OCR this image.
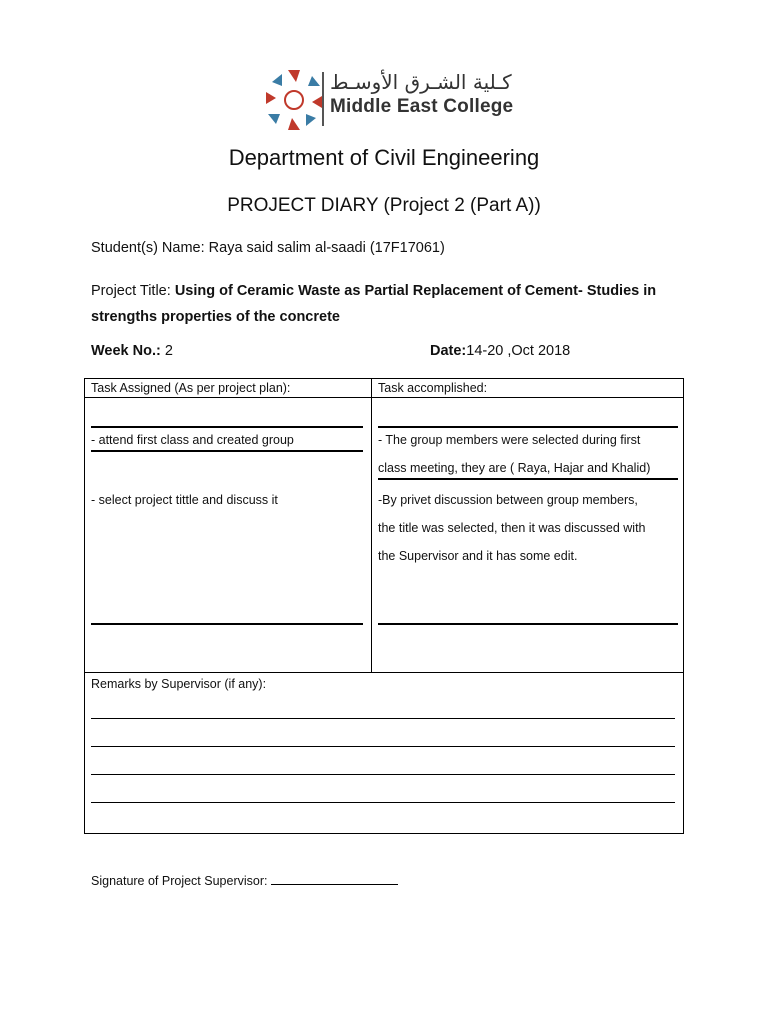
كـلية الشـرق الأوسـط
Middle East College
Department of Civil Engineering
PROJECT DIARY (Project 2 (Part A))
Student(s) Name: Raya said salim al-saadi (17F17061)
Project Title: Using of Ceramic Waste as Partial Replacement of Cement- Studies in strengths properties of the concrete
Week No.: 2	Date:14-20 ,Oct 2018
Task Assigned (As per project plan):	Task accomplished:
- attend first class and created group
- select project tittle and discuss it
- The group members were selected during first
class meeting, they are ( Raya, Hajar and Khalid)
-By privet discussion between group members,
the title was selected, then it was discussed with
the Supervisor and it has some edit.
Remarks by Supervisor (if any):
Signature of Project Supervisor:
